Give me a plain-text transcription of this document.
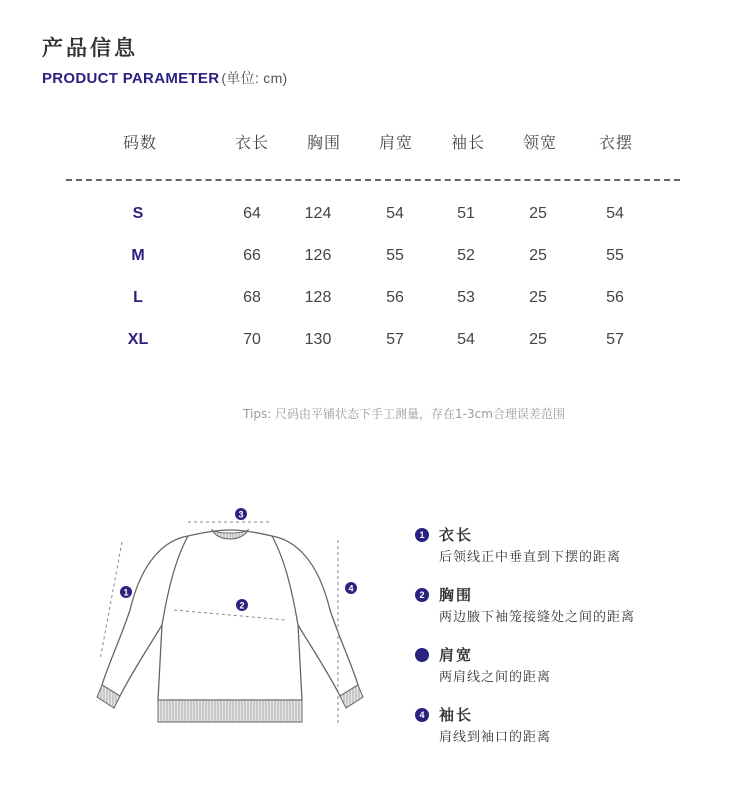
产品信息
PRODUCT PARAMETER (单位: cm)
码数	衣长	胸围	肩宽	袖长	领宽	衣摆
S	64	124	54	51	25	54
M	66	126	55	52	25	55
L	68	128	56	53	25	56
XL	70	130	57	54	25	57
Tips: 尺码由平铺状态下手工测量，存在1-3cm合理误差范围
3
1
2
4
1 衣长
后领线正中垂直到下摆的距离
2 胸围
两边腋下袖笼接缝处之间的距离
肩宽
两肩线之间的距离
4 袖长
肩线到袖口的距离
